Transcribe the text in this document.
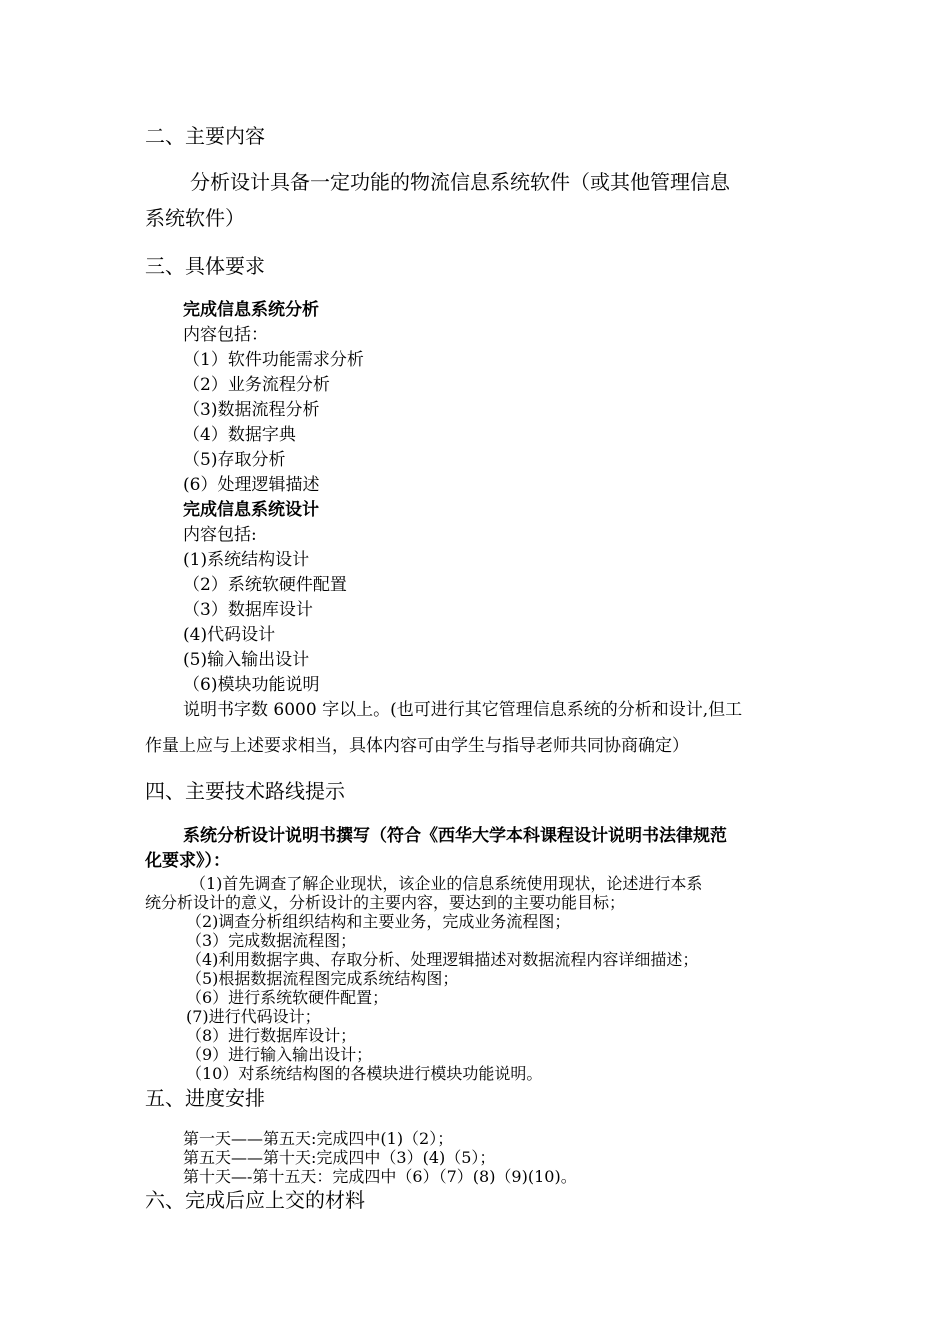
二、主要内容
分析设计具备一定功能的物流信息系统软件（或其他管理信息
系统软件）
三、具体要求
完成信息系统分析
内容包括：
（1）软件功能需求分析
（2）业务流程分析
（3)数据流程分析
（4）数据字典
（5)存取分析
(6）处理逻辑描述
完成信息系统设计
内容包括:
(1)系统结构设计
（2）系统软硬件配置
（3）数据库设计
(4)代码设计
(5)输入输出设计
（6)模块功能说明
说明书字数 6000 字以上。(也可进行其它管理信息系统的分析和设计,但工
作量上应与上述要求相当，具体内容可由学生与指导老师共同协商确定）
四、主要技术路线提示
系统分析设计说明书撰写（符合《西华大学本科课程设计说明书法律规范
化要求》）：
（1)首先调查了解企业现状，该企业的信息系统使用现状，论述进行本系
统分析设计的意义，分析设计的主要内容，要达到的主要功能目标；
（2)调查分析组织结构和主要业务，完成业务流程图；
（3）完成数据流程图；
（4)利用数据字典、存取分析、处理逻辑描述对数据流程内容详细描述；
（5)根据数据流程图完成系统结构图；
（6）进行系统软硬件配置；
(7)进行代码设计；
（8）进行数据库设计；
（9）进行输入输出设计；
（10）对系统结构图的各模块进行模块功能说明。
五、进度安排
第一天——第五天:完成四中(1)（2）；
第五天——第十天:完成四中（3）(4)（5）；
第十天—-第十五天：完成四中（6）（7）(8)（9)(10)。
六、完成后应上交的材料
